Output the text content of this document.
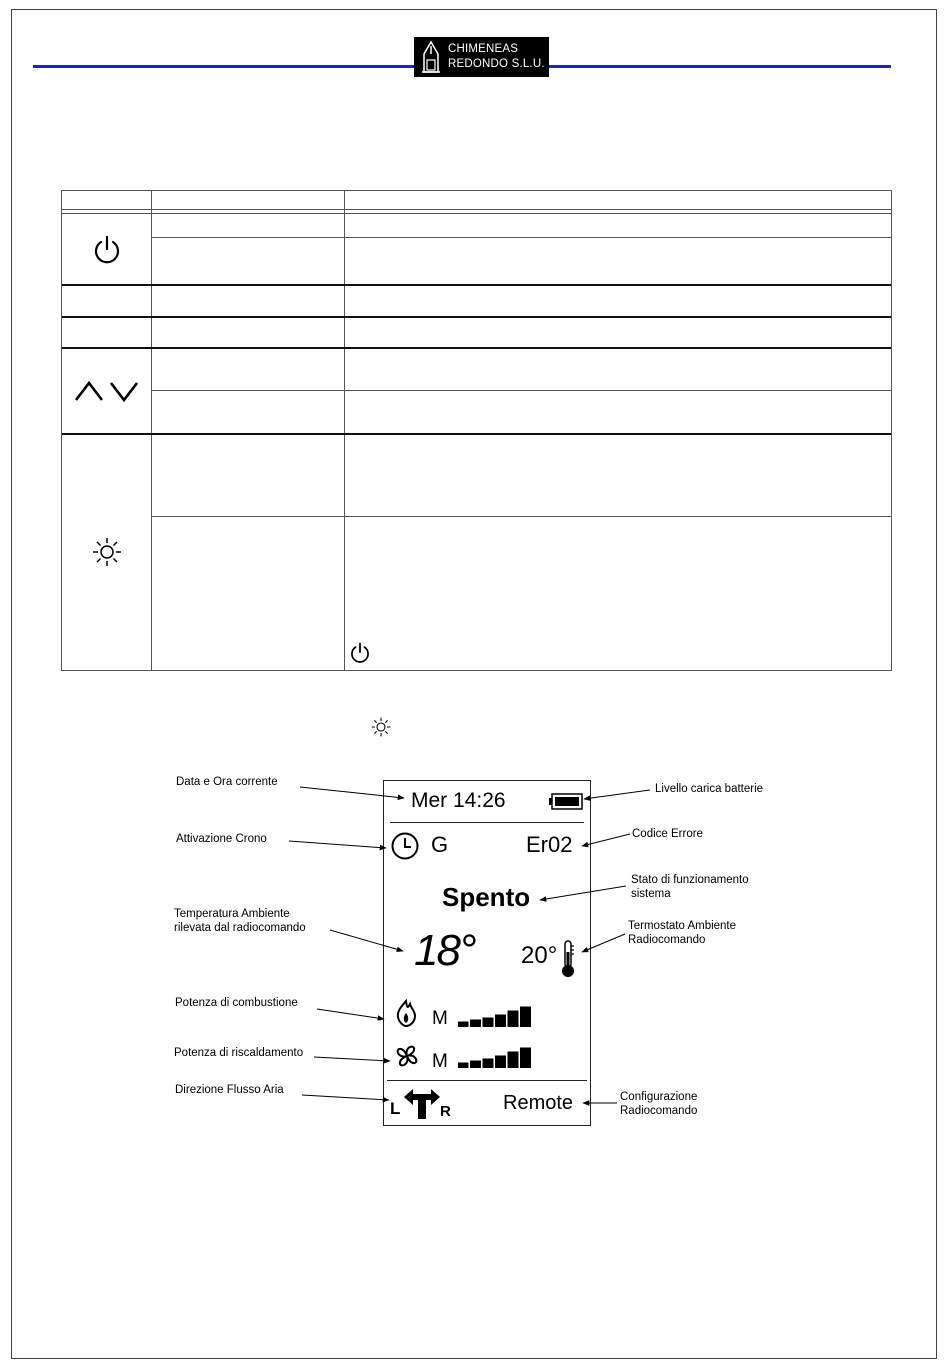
CHIMENEAS
REDONDO S.L.U.
Mer 14:26
G	Er02
Spento
18° 20°
M
M
L	R	Remote
Data e Ora corrente
Livello carica batterie
Attivazione Crono	Codice Errore
Stato di funzionamento
sistema
Temperatura Ambiente
rilevata dal radiocomando	Termostato Ambiente
Radiocomando
Potenza di combustione
Potenza di riscaldamento
Direzione Flusso Aria
Configurazione
Radiocomando
